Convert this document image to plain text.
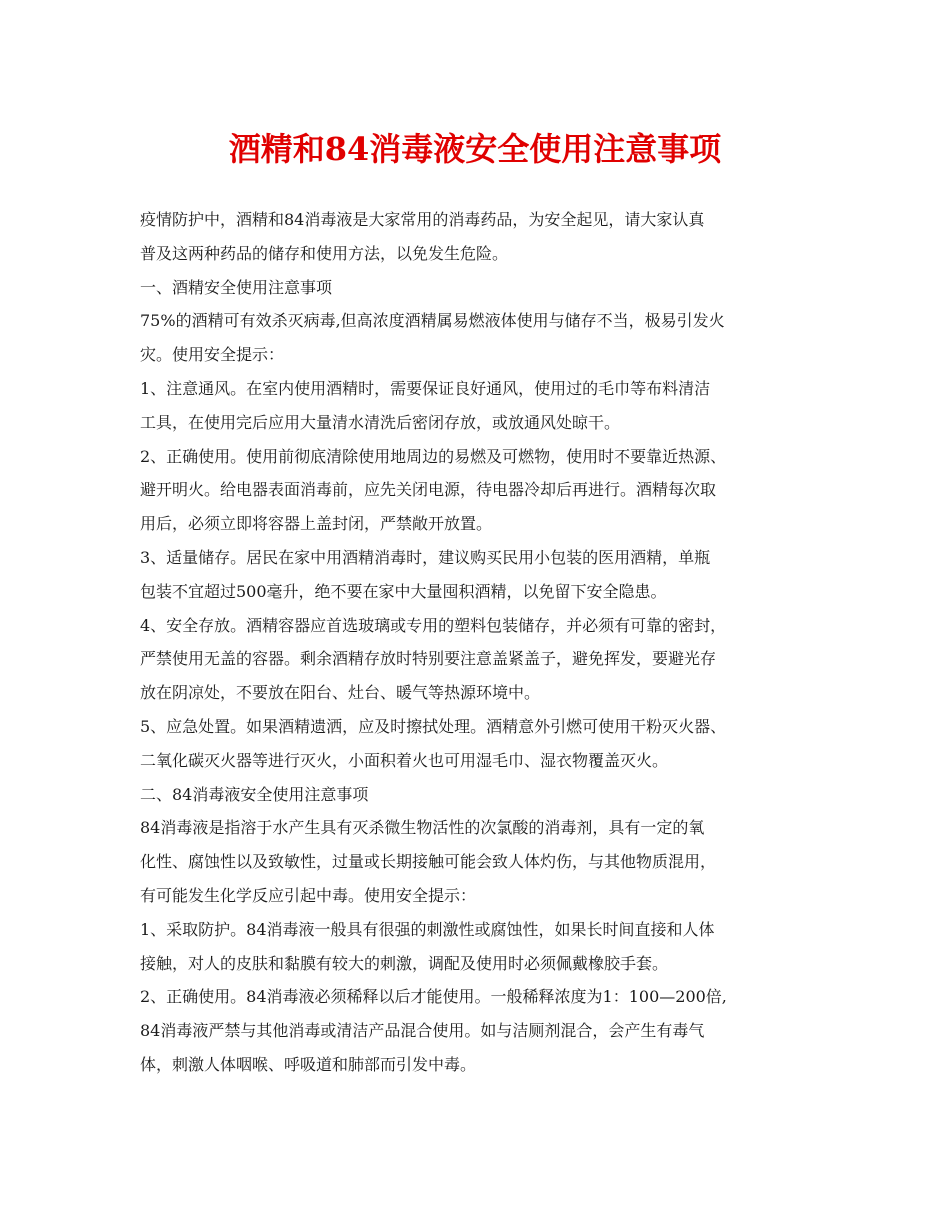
酒精和84消毒液安全使用注意事项
疫情防护中，酒精和84消毒液是大家常用的消毒药品，为安全起见，请大家认真
普及这两种药品的储存和使用方法，以免发生危险。
一、酒精安全使用注意事项
75%的酒精可有效杀灭病毒,但高浓度酒精属易燃液体使用与储存不当，极易引发火
灾。使用安全提示：
1、注意通风。在室内使用酒精时，需要保证良好通风，使用过的毛巾等布料清洁
工具，在使用完后应用大量清水清洗后密闭存放，或放通风处晾干。
2、正确使用。使用前彻底清除使用地周边的易燃及可燃物，使用时不要靠近热源、
避开明火。给电器表面消毒前，应先关闭电源，待电器冷却后再进行。酒精每次取
用后，必须立即将容器上盖封闭，严禁敞开放置。
3、适量储存。居民在家中用酒精消毒时，建议购买民用小包装的医用酒精，单瓶
包装不宜超过500毫升，绝不要在家中大量囤积酒精，以免留下安全隐患。
4、安全存放。酒精容器应首选玻璃或专用的塑料包装储存，并必须有可靠的密封，
严禁使用无盖的容器。剩余酒精存放时特别要注意盖紧盖子，避免挥发，要避光存
放在阴凉处，不要放在阳台、灶台、暖气等热源环境中。
5、应急处置。如果酒精遗洒，应及时擦拭处理。酒精意外引燃可使用干粉灭火器、
二氧化碳灭火器等进行灭火，小面积着火也可用湿毛巾、湿衣物覆盖灭火。
二、84消毒液安全使用注意事项
84消毒液是指溶于水产生具有灭杀微生物活性的次氯酸的消毒剂，具有一定的氧
化性、腐蚀性以及致敏性，过量或长期接触可能会致人体灼伤，与其他物质混用，
有可能发生化学反应引起中毒。使用安全提示：
1、采取防护。84消毒液一般具有很强的刺激性或腐蚀性，如果长时间直接和人体
接触，对人的皮肤和黏膜有较大的刺激，调配及使用时必须佩戴橡胶手套。
2、正确使用。84消毒液必须稀释以后才能使用。一般稀释浓度为1：100—200倍,
84消毒液严禁与其他消毒或清洁产品混合使用。如与洁厕剂混合，会产生有毒气
体，刺激人体咽喉、呼吸道和肺部而引发中毒。
